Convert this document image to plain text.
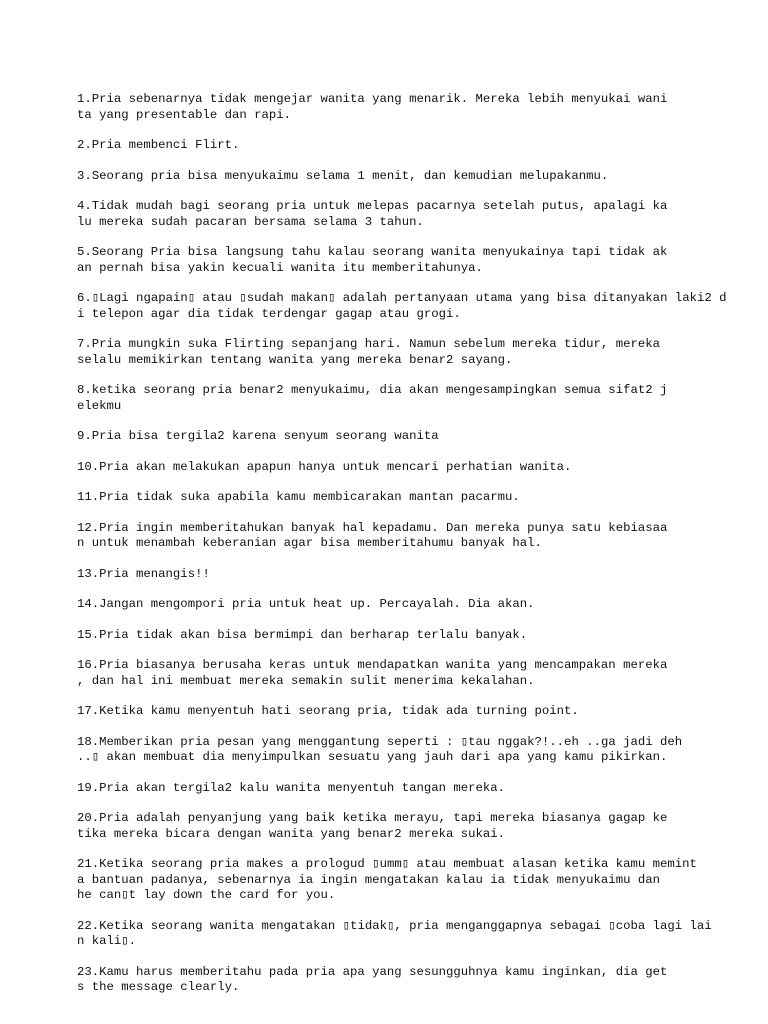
1.Pria sebenarnya tidak mengejar wanita yang menarik. Mereka lebih menyukai wani
ta yang presentable dan rapi.
2.Pria membenci Flirt.
3.Seorang pria bisa menyukaimu selama 1 menit, dan kemudian melupakanmu.
4.Tidak mudah bagi seorang pria untuk melepas pacarnya setelah putus, apalagi ka
lu mereka sudah pacaran bersama selama 3 tahun.
5.Seorang Pria bisa langsung tahu kalau seorang wanita menyukainya tapi tidak ak
an pernah bisa yakin kecuali wanita itu memberitahunya.
6.▯Lagi ngapain▯ atau ▯sudah makan▯ adalah pertanyaan utama yang bisa ditanyakan laki2 d
i telepon agar dia tidak terdengar gagap atau grogi.
7.Pria mungkin suka Flirting sepanjang hari. Namun sebelum mereka tidur, mereka
selalu memikirkan tentang wanita yang mereka benar2 sayang.
8.ketika seorang pria benar2 menyukaimu, dia akan mengesampingkan semua sifat2 j
elekmu
9.Pria bisa tergila2 karena senyum seorang wanita
10.Pria akan melakukan apapun hanya untuk mencari perhatian wanita.
11.Pria tidak suka apabila kamu membicarakan mantan pacarmu.
12.Pria ingin memberitahukan banyak hal kepadamu. Dan mereka punya satu kebiasaa
n untuk menambah keberanian agar bisa memberitahumu banyak hal.
13.Pria menangis!!
14.Jangan mengompori pria untuk heat up. Percayalah. Dia akan.
15.Pria tidak akan bisa bermimpi dan berharap terlalu banyak.
16.Pria biasanya berusaha keras untuk mendapatkan wanita yang mencampakan mereka
, dan hal ini membuat mereka semakin sulit menerima kekalahan.
17.Ketika kamu menyentuh hati seorang pria, tidak ada turning point.
18.Memberikan pria pesan yang menggantung seperti : ▯tau nggak?!..eh ..ga jadi deh
..▯ akan membuat dia menyimpulkan sesuatu yang jauh dari apa yang kamu pikirkan.
19.Pria akan tergila2 kalu wanita menyentuh tangan mereka.
20.Pria adalah penyanjung yang baik ketika merayu, tapi mereka biasanya gagap ke
tika mereka bicara dengan wanita yang benar2 mereka sukai.
21.Ketika seorang pria makes a prologud ▯umm▯ atau membuat alasan ketika kamu memint
a bantuan padanya, sebenarnya ia ingin mengatakan kalau ia tidak menyukaimu dan
he can▯t lay down the card for you.
22.Ketika seorang wanita mengatakan ▯tidak▯, pria menganggapnya sebagai ▯coba lagi lai
n kali▯.
23.Kamu harus memberitahu pada pria apa yang sesungguhnya kamu inginkan, dia get
s the message clearly.
